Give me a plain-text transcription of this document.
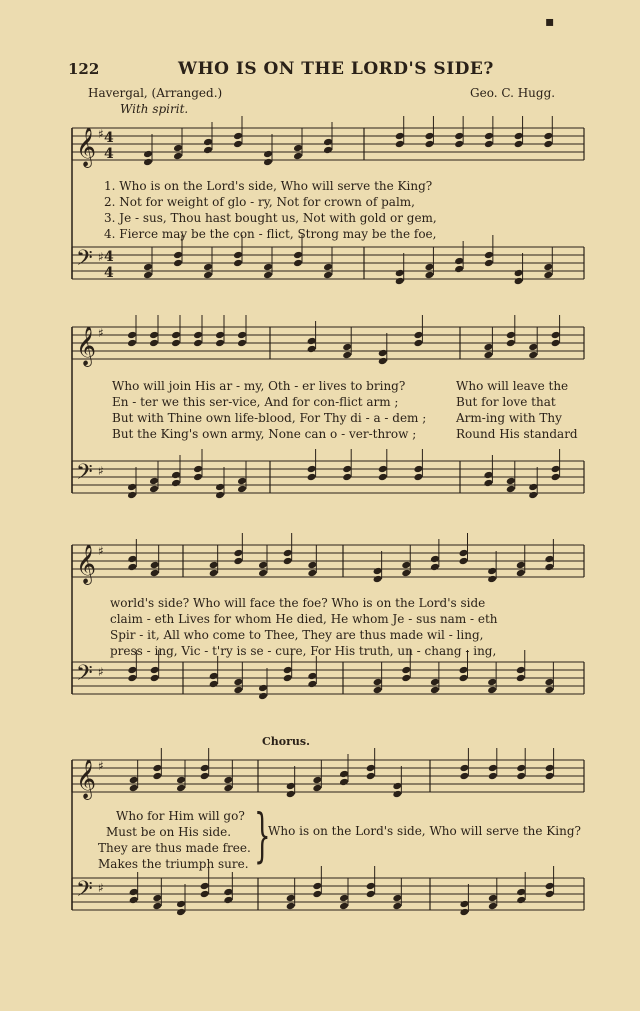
▪
122	WHO IS ON THE LORD'S SIDE?
Havergal, (Arranged.)	Geo. C. Hugg.
With spirit.
𝄞
𝄢
♯
♯
𝄞
𝄢
♯
♯
𝄞
𝄢
♯
♯
𝄞
𝄢
♯
♯
4
4
4
4
1. Who is on the Lord's side, Who will serve the King?
2. Not for weight of glo - ry, Not for crown of palm,
3. Je - sus, Thou hast bought us, Not with gold or gem,
4. Fierce may be the con - flict, Strong may be the foe,
Who will join His ar - my, Oth - er lives to bring?
En - ter we this ser-vice, And for con-flict arm ;
But with Thine own life-blood, For Thy di - a - dem ;
But the King's own army, None can o - ver-throw ;
Who will leave the
But for love that
Arm-ing with Thy
Round His standard
world's side? Who will face the foe? Who is on the Lord's side
claim - eth Lives for whom He died, He whom Je - sus nam - eth
Spir - it, All who come to Thee, They are thus made wil - ling,
press - ing, Vic - t'ry is se - cure, For His truth, un - chang - ing,
Chorus.
Who for Him will go?
Must be on His side.
They are thus made free.
Makes the triumph sure. }
Who is on the Lord's side, Who will serve the King?
